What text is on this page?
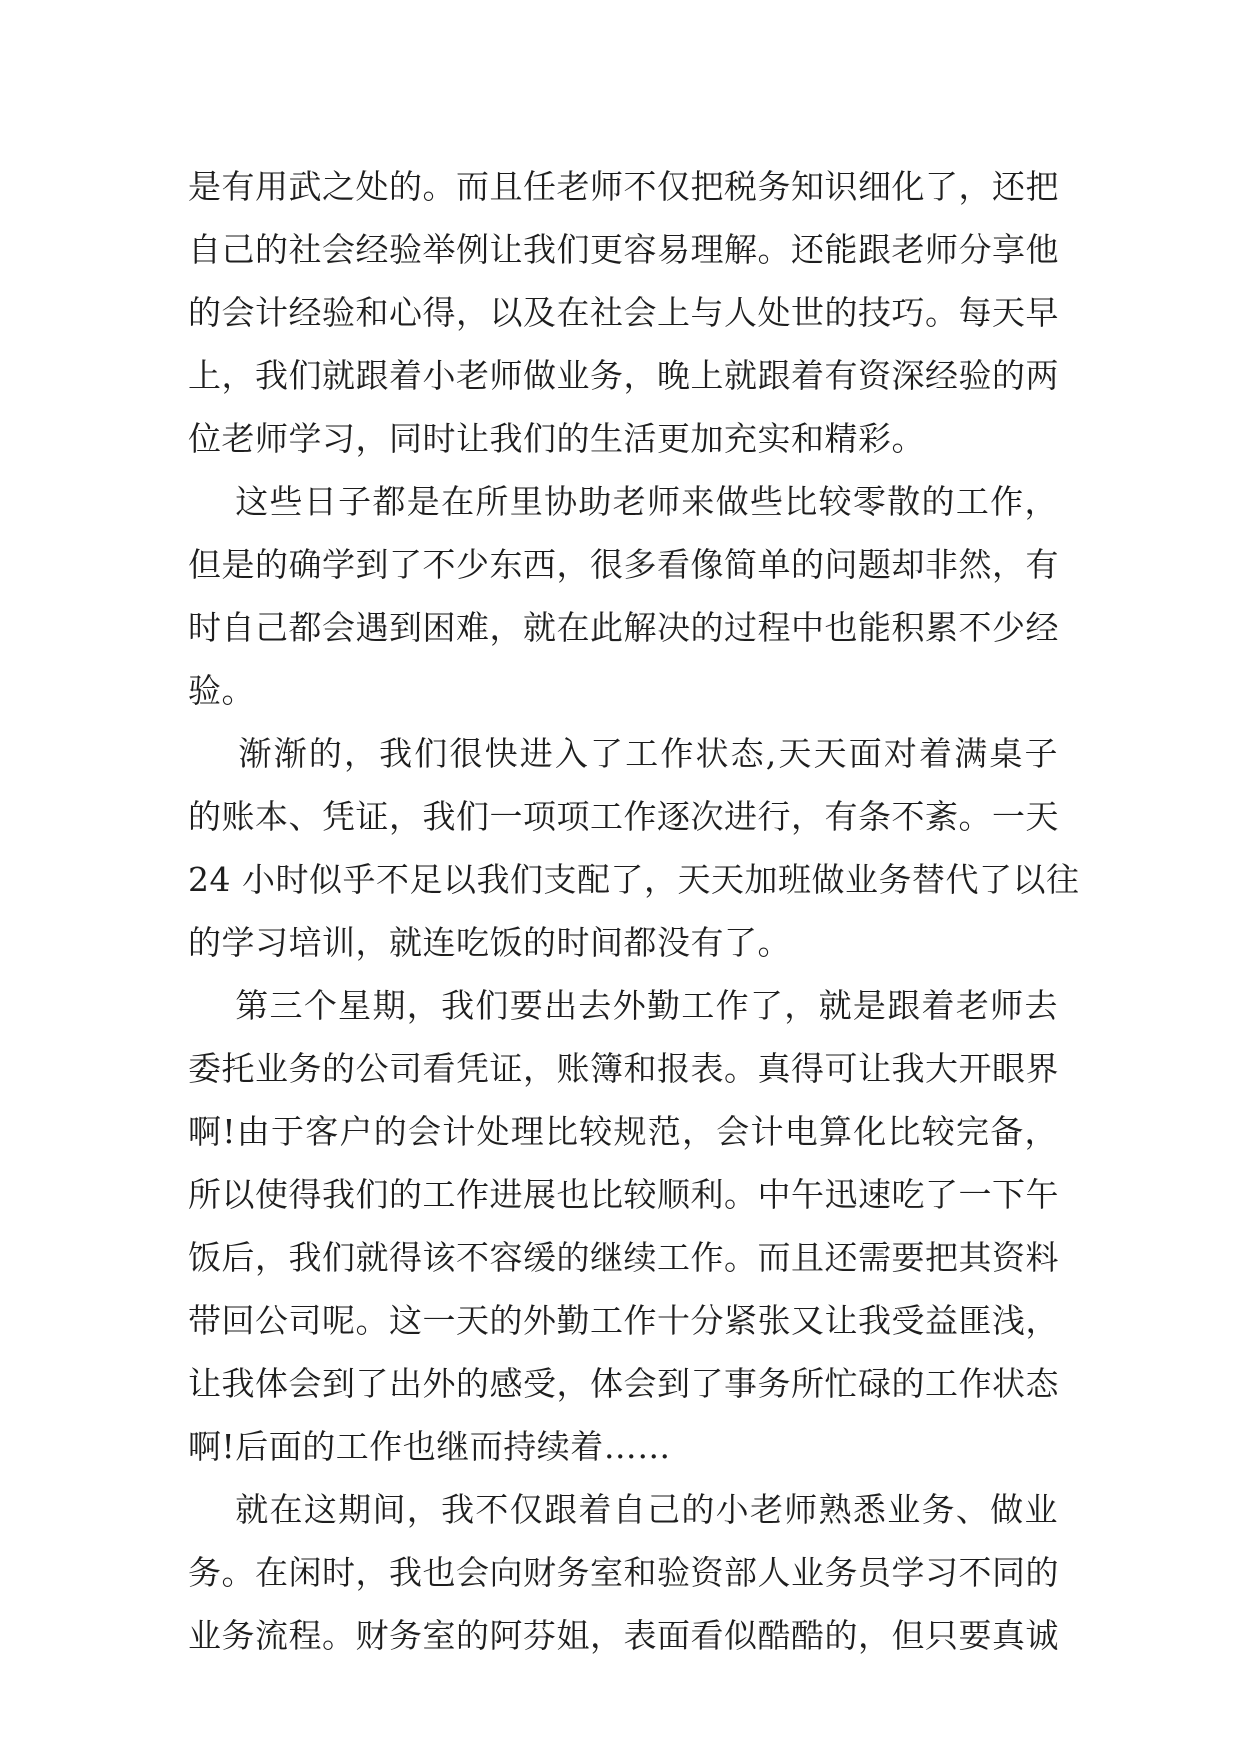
是有用武之处的。而且任老师不仅把税务知识细化了，还把
自己的社会经验举例让我们更容易理解。还能跟老师分享他
的会计经验和心得，以及在社会上与人处世的技巧。每天早
上，我们就跟着小老师做业务，晚上就跟着有资深经验的两
位老师学习，同时让我们的生活更加充实和精彩。
这些日子都是在所里协助老师来做些比较零散的工作，
但是的确学到了不少东西，很多看像简单的问题却非然，有
时自己都会遇到困难，就在此解决的过程中也能积累不少经
验。
渐渐的，我们很快进入了工作状态,天天面对着满桌子
的账本、凭证，我们一项项工作逐次进行，有条不紊。一天
24 小时似乎不足以我们支配了，天天加班做业务替代了以往
的学习培训，就连吃饭的时间都没有了。
第三个星期，我们要出去外勤工作了，就是跟着老师去
委托业务的公司看凭证，账簿和报表。真得可让我大开眼界
啊!由于客户的会计处理比较规范，会计电算化比较完备，
所以使得我们的工作进展也比较顺利。中午迅速吃了一下午
饭后，我们就得该不容缓的继续工作。而且还需要把其资料
带回公司呢。这一天的外勤工作十分紧张又让我受益匪浅，
让我体会到了出外的感受，体会到了事务所忙碌的工作状态
啊!后面的工作也继而持续着……
就在这期间，我不仅跟着自己的小老师熟悉业务、做业
务。在闲时，我也会向财务室和验资部人业务员学习不同的
业务流程。财务室的阿芬姐，表面看似酷酷的，但只要真诚
